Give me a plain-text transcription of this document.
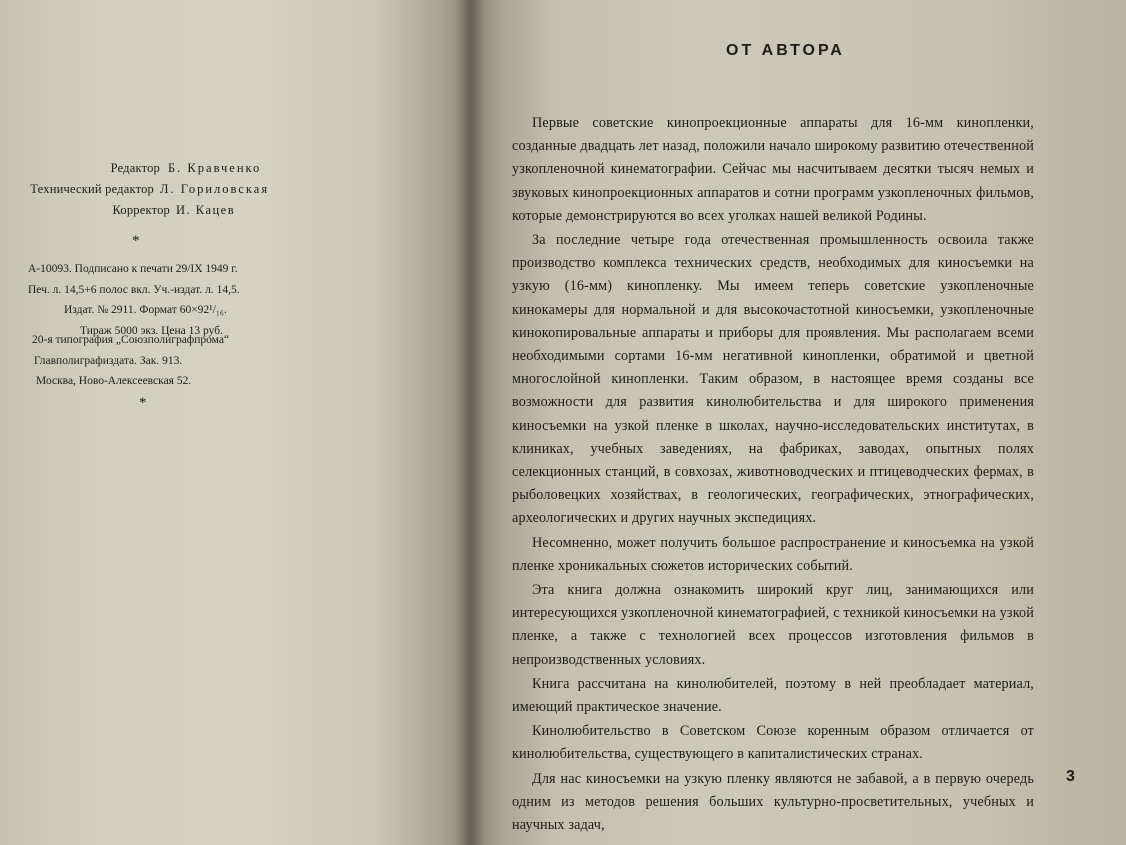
Редактор Б. Кравченко
Технический редактор Л. Гориловская
Корректор И. Кацев
*
А-10093. Подписано к печати 29/IX 1949 г.
Печ. л. 14,5+6 полос вкл. Уч.-издат. л. 14,5.
Издат. № 2911. Формат 60×92¹/₁₆.
Тираж 5000 экз. Цена 13 руб.
20-я типография „Союзполиграфпрома“
Главполиграфиздата. Зак. 913.
Москва, Ново-Алексеевская 52.
*
ОТ АВТОРА

Первые советские кинопроекционные аппараты для 16-мм кинопленки, созданные двадцать лет назад, положили начало широкому развитию отечественной узкопленочной кинематографии. Сейчас мы насчитываем десятки тысяч немых и звуковых кинопроекционных аппаратов и сотни программ узкопленочных фильмов, которые демонстрируются во всех уголках нашей великой Родины.

За последние четыре года отечественная промышленность освоила также производство комплекса технических средств, необходимых для киносъемки на узкую (16-мм) кинопленку. Мы имеем теперь советские узкопленочные кинокамеры для нормальной и для высокочастотной киносъемки, узкопленочные кинокопировальные аппараты и приборы для проявления. Мы располагаем всеми необходимыми сортами 16-мм негативной кинопленки, обратимой и цветной многослойной кинопленки. Таким образом, в настоящее время созданы все возможности для развития кинолюбительства и для широкого применения киносъемки на узкой пленке в школах, научно-исследовательских институтах, в клиниках, учебных заведениях, на фабриках, заводах, опытных полях селекционных станций, в совхозах, животноводческих и птицеводческих фермах, в рыболовецких хозяйствах, в геологических, географических, этнографических, археологических и других научных экспедициях.

Несомненно, может получить большое распространение и киносъемка на узкой пленке хроникальных сюжетов исторических событий.

Эта книга должна ознакомить широкий круг лиц, занимающихся или интересующихся узкопленочной кинематографией, с техникой киносъемки на узкой пленке, а также с технологией всех процессов изготовления фильмов в непроизводственных условиях.

Книга рассчитана на кинолюбителей, поэтому в ней преобладает материал, имеющий практическое значение.

Кинолюбительство в Советском Союзе коренным образом отличается от кинолюбительства, существующего в капиталистических странах.

Для нас киносъемки на узкую пленку являются не забавой, а в первую очередь одним из методов решения больших культурно-просветительных, учебных и научных задач,

3
